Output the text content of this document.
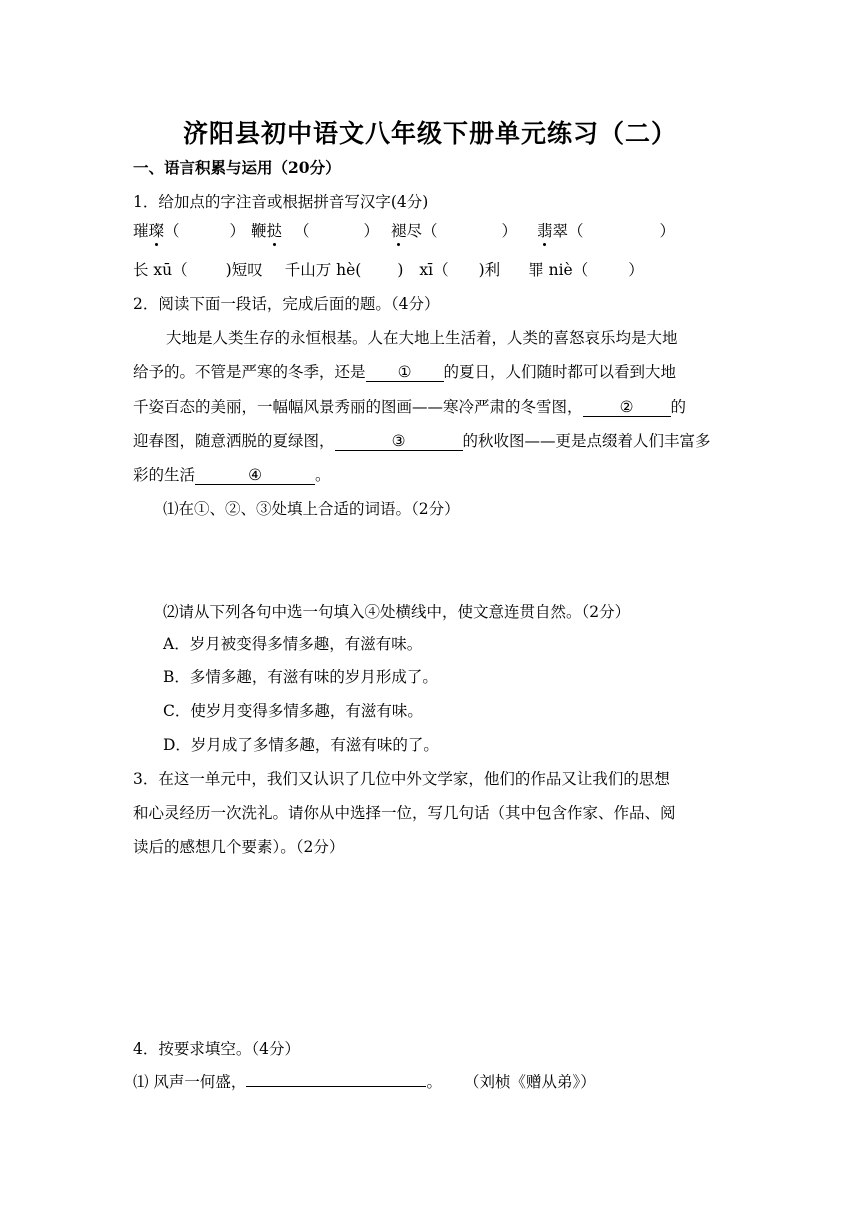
济阳县初中语文八年级下册单元练习（二）
一、语言积累与运用（20分）
1．给加点的字注音或根据拼音写汉字(4分)
璀璨（	） 鞭挞 （	） 褪尽（	） 翡翠（	）
长 xū（ )短叹 千山万 hè( ) xī（ )利 罪 niè（	）
2．阅读下面一段话，完成后面的题。（4分）
大地是人类生存的永恒根基。人在大地上生活着，人类的喜怒哀乐均是大地
给予的。不管是严寒的冬季，还是 ① 的夏日，人们随时都可以看到大地
千姿百态的美丽，一幅幅风景秀丽的图画——寒冷严肃的冬雪图， ② 的
迎春图，随意洒脱的夏绿图，	③	的秋收图——更是点缀着人们丰富多
彩的生活	④	。
⑴在①、②、③处填上合适的词语。（2分）
⑵请从下列各句中选一句填入④处横线中，使文意连贯自然。（2分）
A．岁月被变得多情多趣，有滋有味。
B．多情多趣，有滋有味的岁月形成了。
C．使岁月变得多情多趣，有滋有味。
D．岁月成了多情多趣，有滋有味的了。
3．在这一单元中，我们又认识了几位中外文学家，他们的作品又让我们的思想
和心灵经历一次洗礼。请你从中选择一位，写几句话（其中包含作家、作品、阅
读后的感想几个要素）。（2分）
4．按要求填空。（4分）
⑴ 风声一何盛，	。 （刘桢《赠从弟》）
